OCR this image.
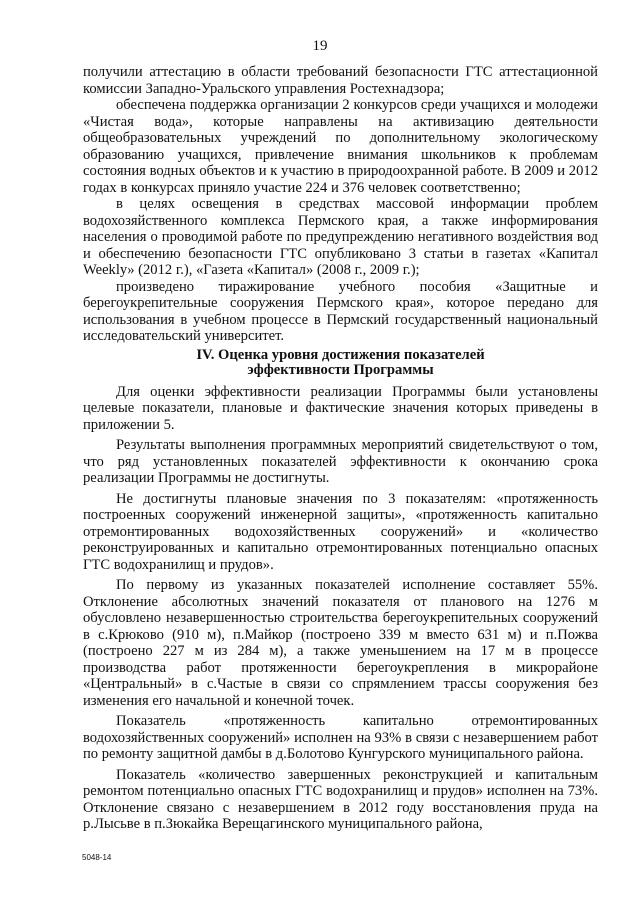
19

получили аттестацию в области требований безопасности ГТС аттестационной комиссии Западно-Уральского управления Ростехнадзора;

обеспечена поддержка организации 2 конкурсов среди учащихся и молодежи «Чистая вода», которые направлены на активизацию деятельности общеобразовательных учреждений по дополнительному экологическому образованию учащихся, привлечение внимания школьников к проблемам состояния водных объектов и к участию в природоохранной работе. В 2009 и 2012 годах в конкурсах приняло участие 224 и 376 человек соответственно;

в целях освещения в средствах массовой информации проблем водохозяйственного комплекса Пермского края, а также информирования населения о проводимой работе по предупреждению негативного воздействия вод и обеспечению безопасности ГТС опубликовано 3 статьи в газетах «Капитал Weekly» (2012 г.), «Газета «Капитал» (2008 г., 2009 г.);

произведено тиражирование учебного пособия «Защитные и берегоукрепительные сооружения Пермского края», которое передано для использования в учебном процессе в Пермский государственный национальный исследовательский университет.

IV. Оценка уровня достижения показателей
эффективности Программы

Для оценки эффективности реализации Программы были установлены целевые показатели, плановые и фактические значения которых приведены в приложении 5.

Результаты выполнения программных мероприятий свидетельствуют о том, что ряд установленных показателей эффективности к окончанию срока реализации Программы не достигнуты.

Не достигнуты плановые значения по 3 показателям: «протяженность построенных сооружений инженерной защиты», «протяженность капитально отремонтированных водохозяйственных сооружений» и «количество реконструированных и капитально отремонтированных потенциально опасных ГТС водохранилищ и прудов».

По первому из указанных показателей исполнение составляет 55%. Отклонение абсолютных значений показателя от планового на 1276 м обусловлено незавершенностью строительства берегоукрепительных сооружений в с.Крюково (910 м), п.Майкор (построено 339 м вместо 631 м) и п.Пожва (построено 227 м из 284 м), а также уменьшением на 17 м в процессе производства работ протяженности берегоукрепления в микрорайоне «Центральный» в с.Частые в связи со спрямлением трассы сооружения без изменения его начальной и конечной точек.

Показатель «протяженность капитально отремонтированных водохозяйственных сооружений» исполнен на 93% в связи с незавершением работ по ремонту защитной дамбы в д.Болотово Кунгурского муниципального района.

Показатель «количество завершенных реконструкцией и капитальным ремонтом потенциально опасных ГТС водохранилищ и прудов» исполнен на 73%. Отклонение связано с незавершением в 2012 году восстановления пруда на р.Лысьве в п.Зюкайка Верещагинского муниципального района,

5048-14
